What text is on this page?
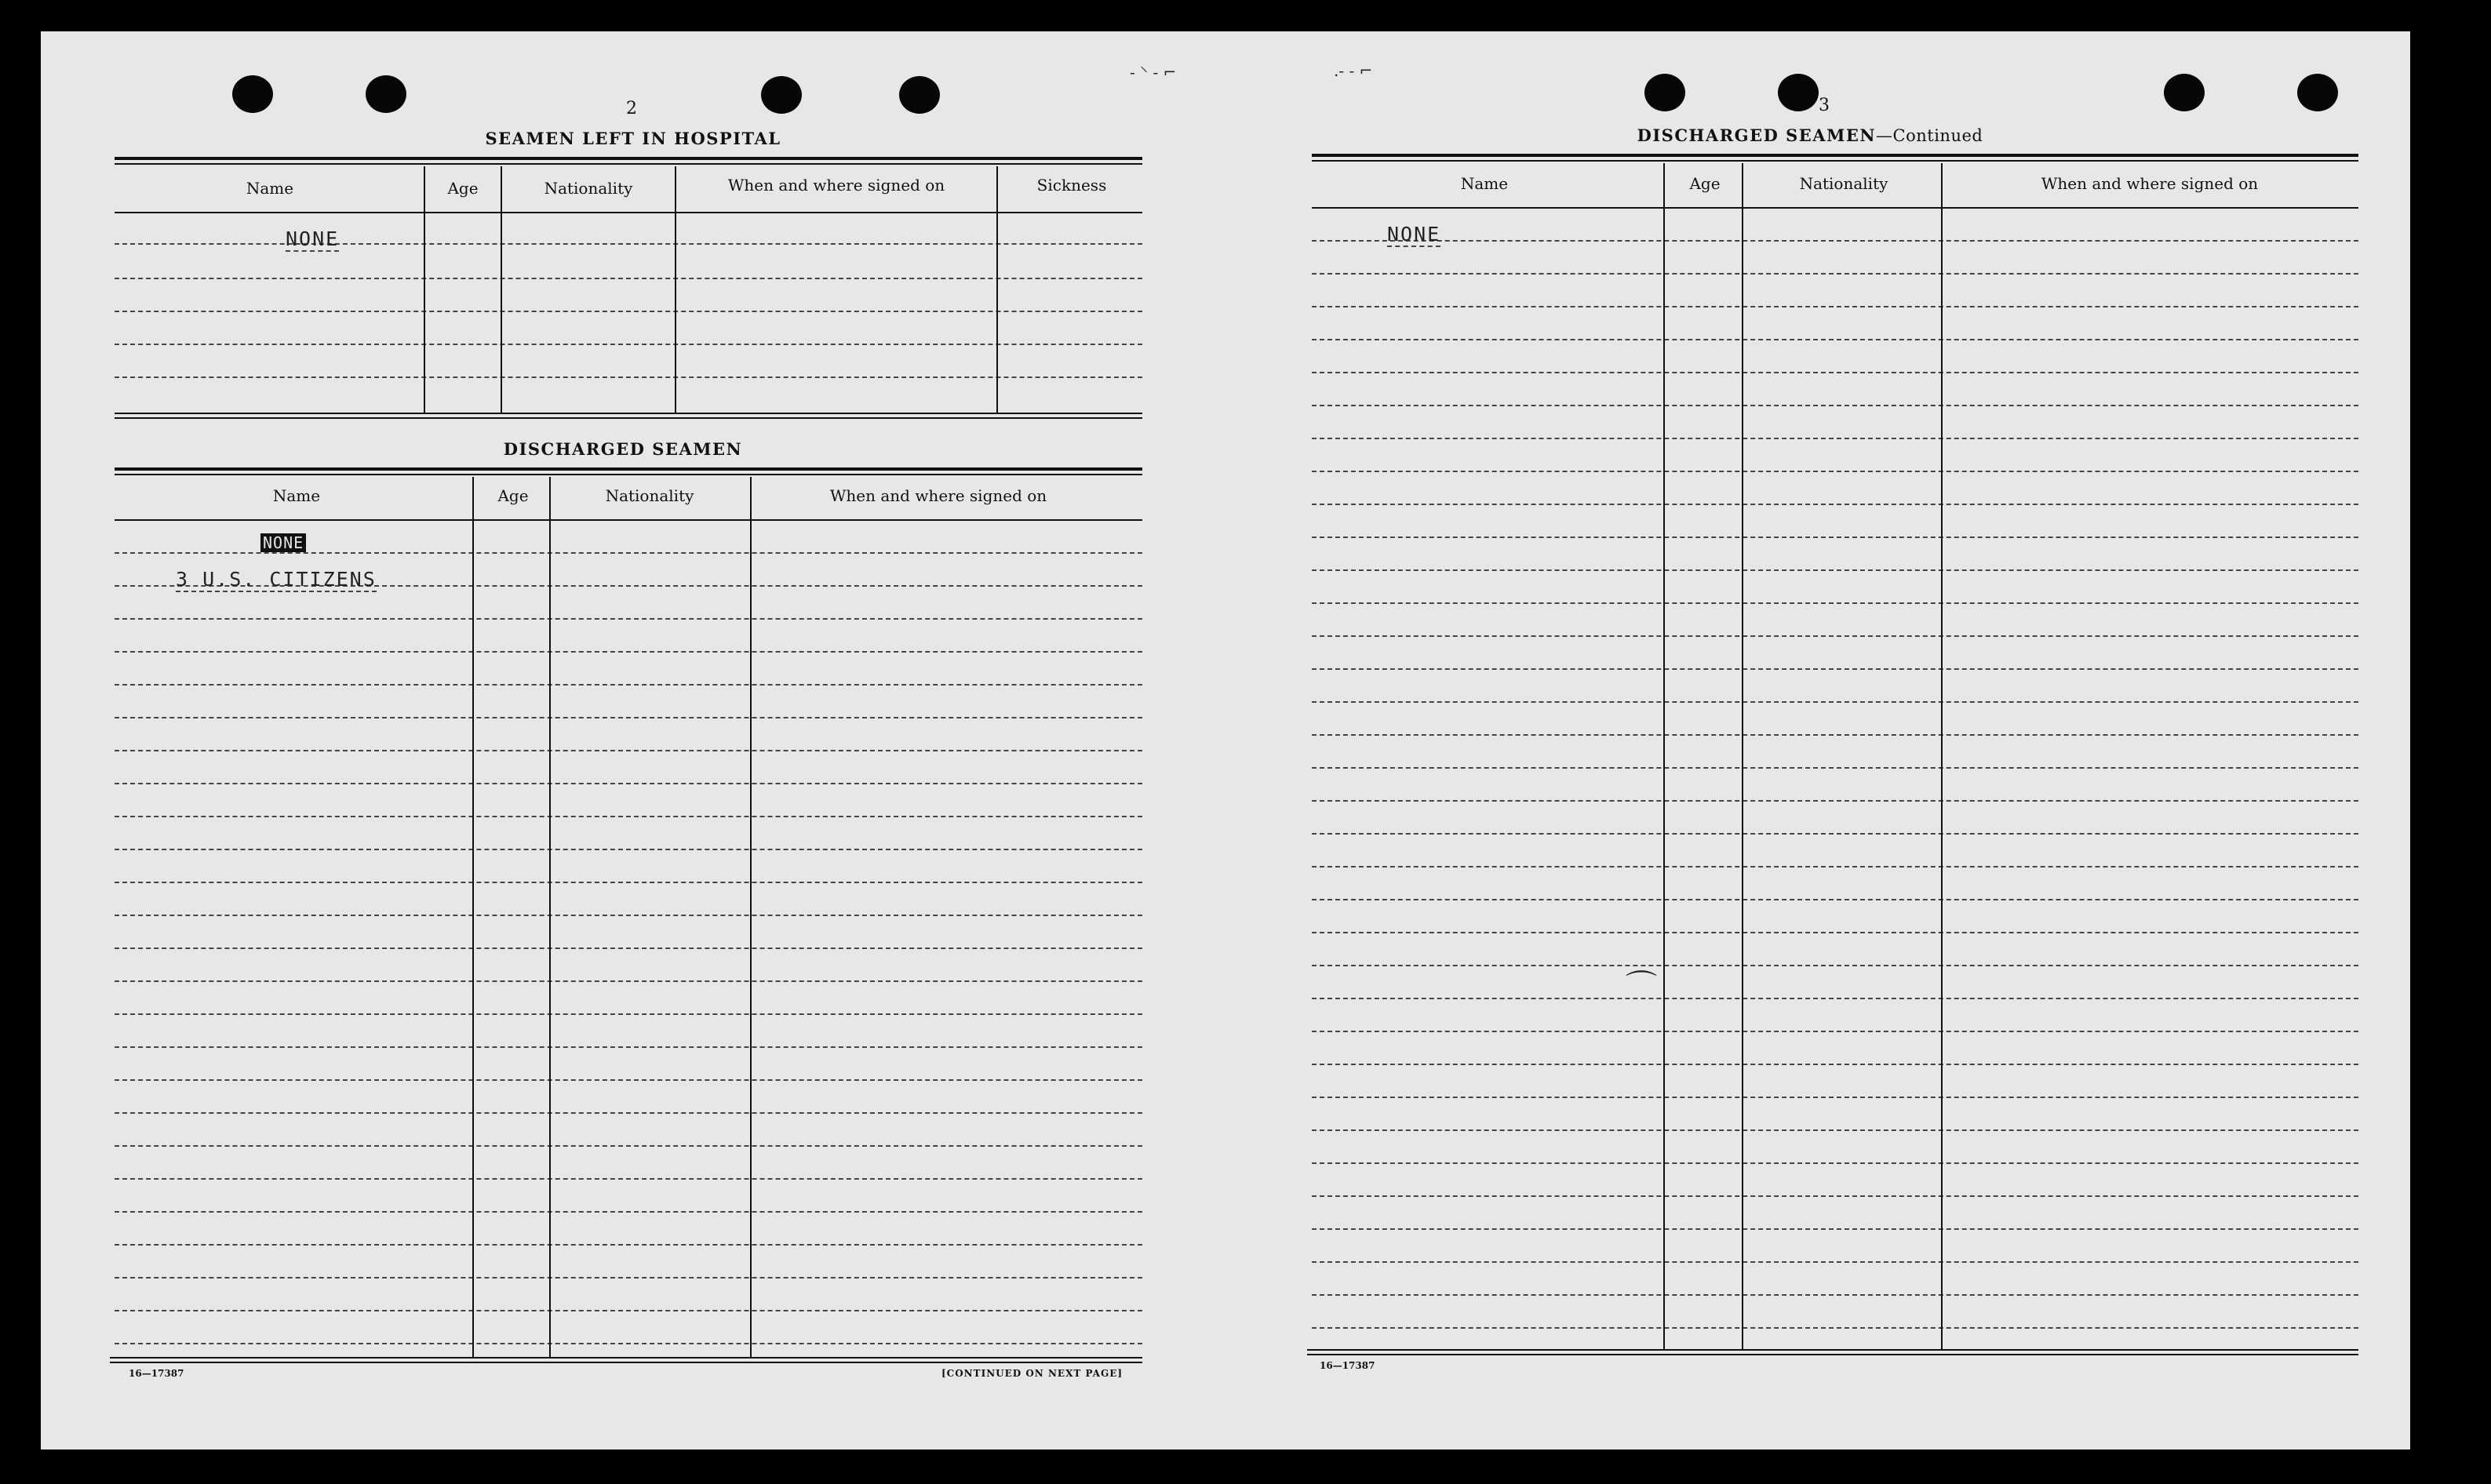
- ⸌ - ⌐	.- - ⌐
⌒
2
SEAMEN LEFT IN HOSPITAL
Name	Age	Nationality	When and where signed on	Sickness
NONE
DISCHARGED SEAMEN
Name	Age	Nationality	When and where signed on
NONE
3 U.S. CITIZENS
16—17387	[CONTINUED ON NEXT PAGE]
3
DISCHARGED SEAMEN—Continued
Name	Age	Nationality	When and where signed on
NONE
16—17387
